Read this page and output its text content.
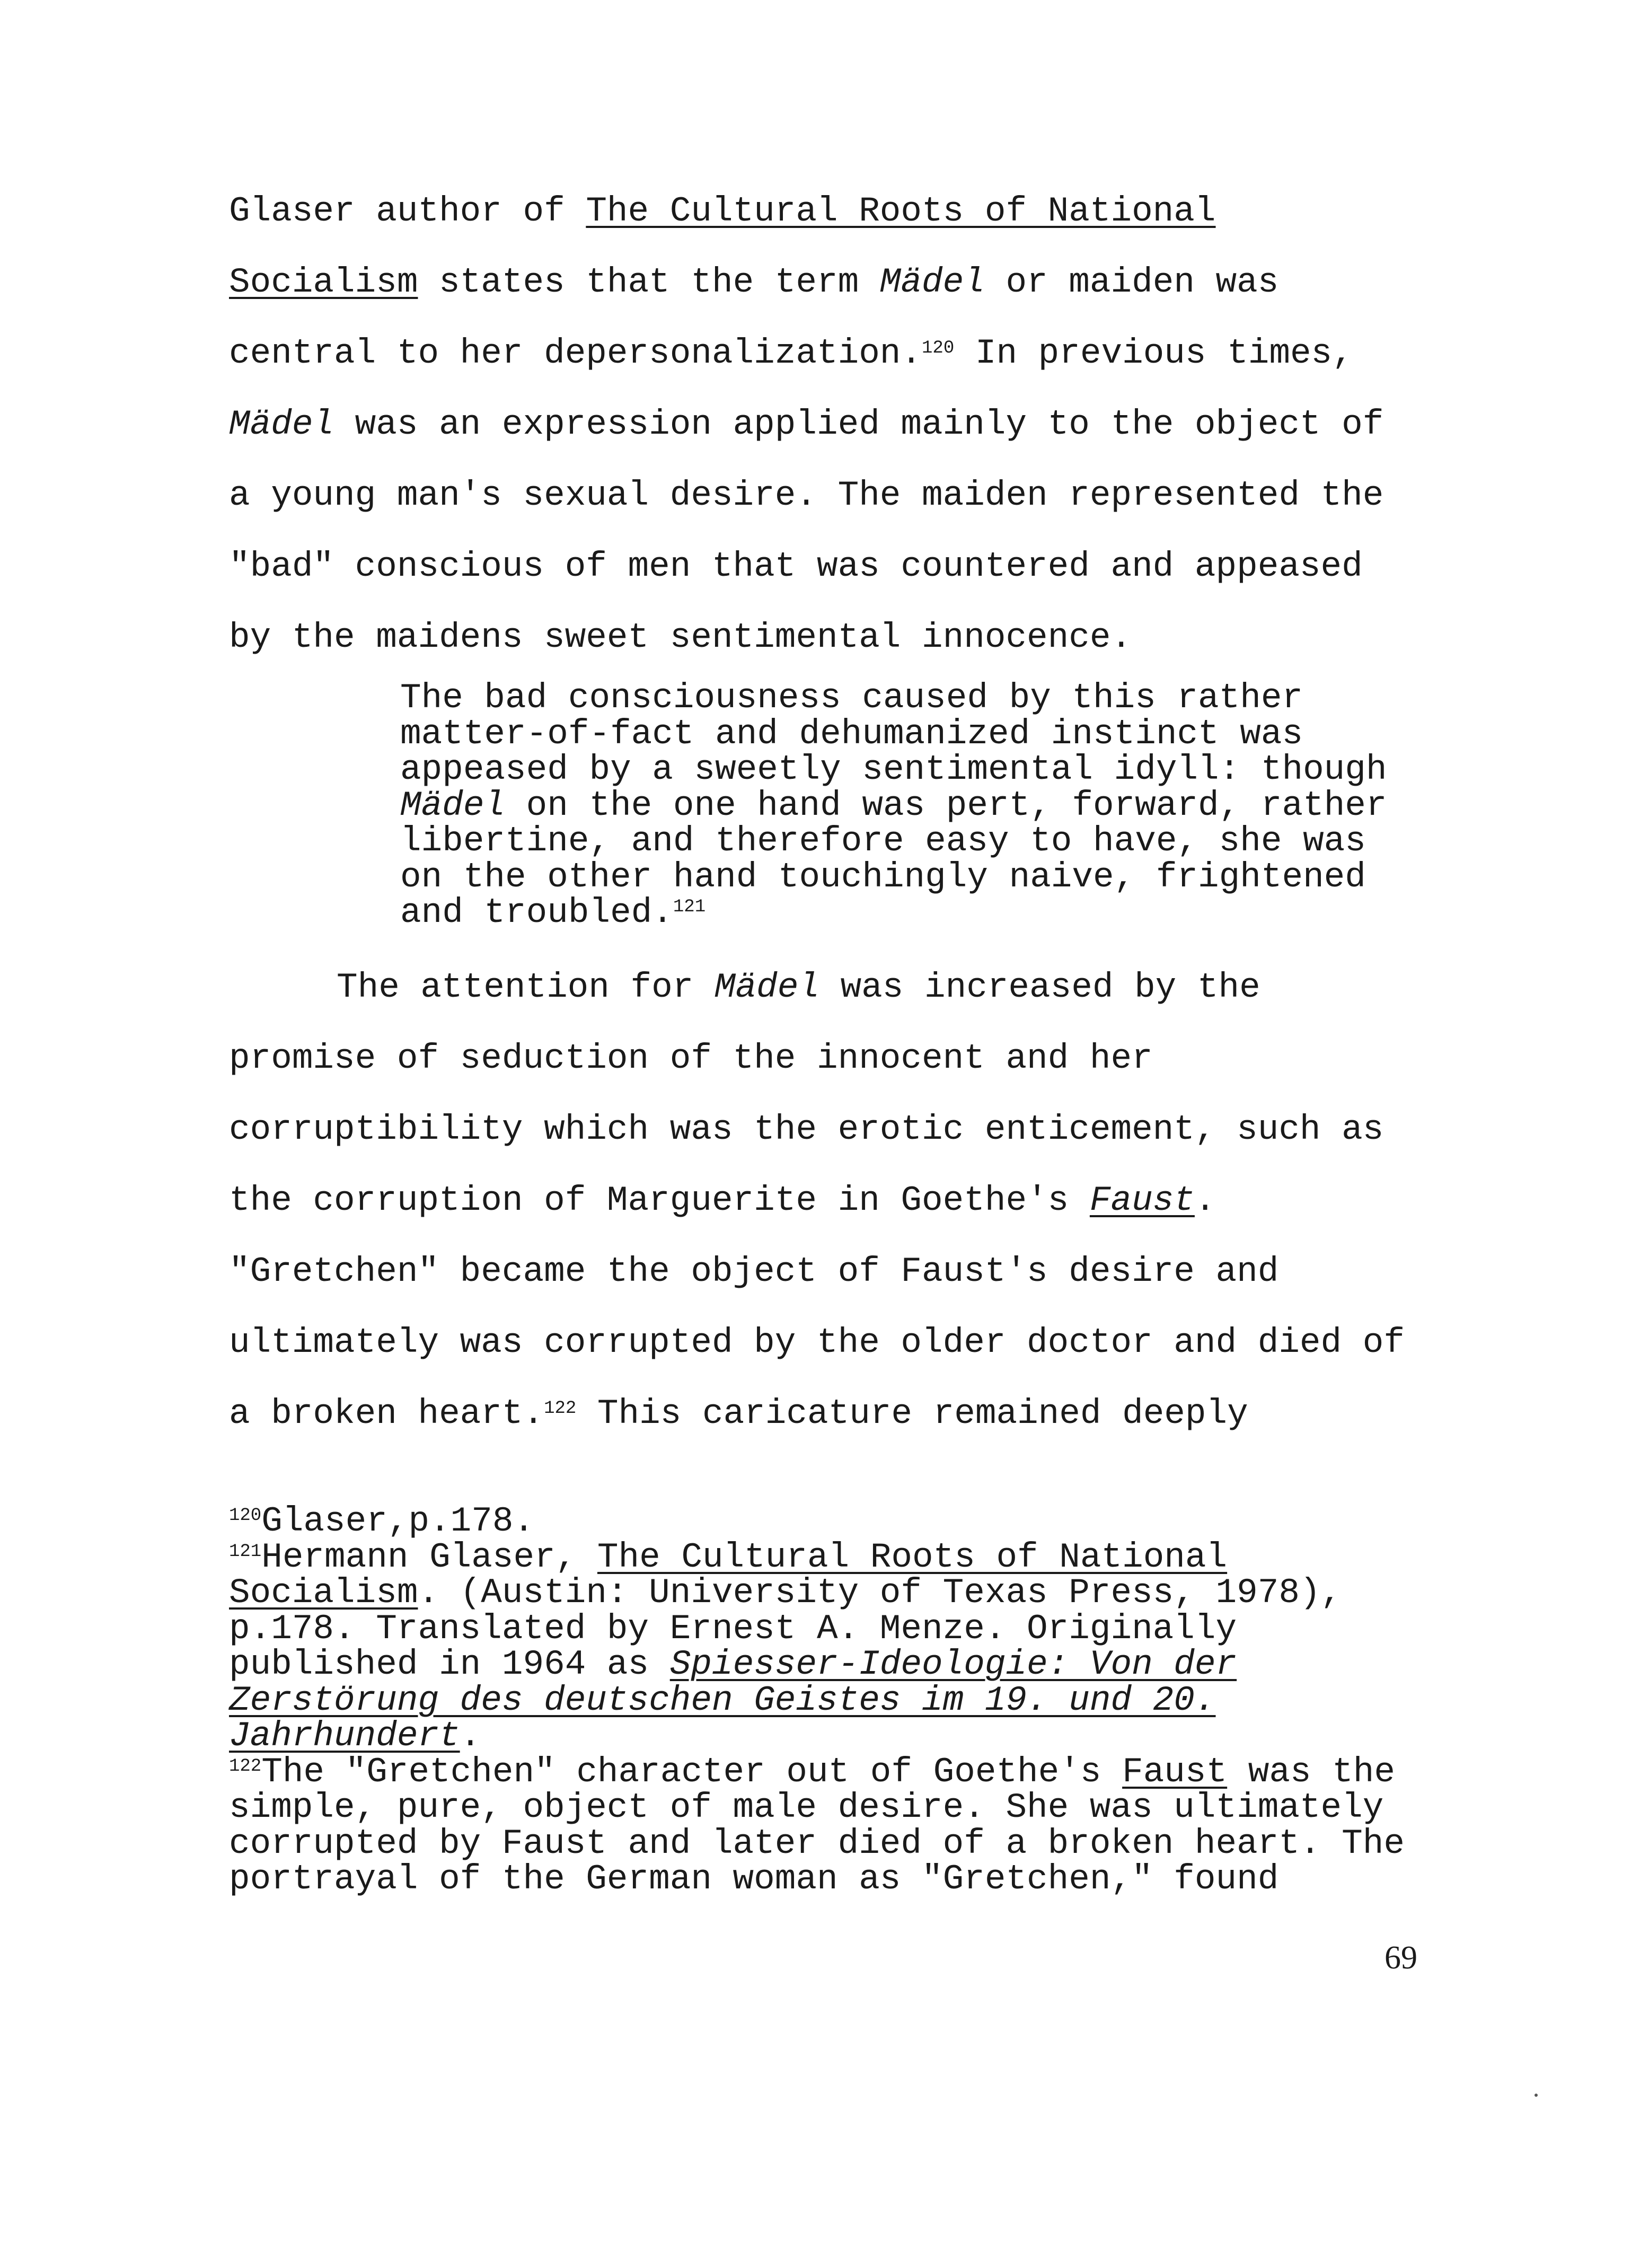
Glaser author of The Cultural Roots of National
Socialism states that the term Mädel or maiden was
central to her depersonalization.$^{120}$ In previous times,
Mädel was an expression applied mainly to the object of
a young man's sexual desire. The maiden represented the
"bad" conscious of men that was countered and appeased
by the maidens sweet sentimental innocence.
The bad consciousness caused by this rather
matter-of-fact and dehumanized instinct was
appeased by a sweetly sentimental idyll: though
Mädel on the one hand was pert, forward, rather
libertine, and therefore easy to have, she was
on the other hand touchingly naive, frightened
and troubled.$^{121}$
The attention for Mädel was increased by the
promise of seduction of the innocent and her
corruptibility which was the erotic enticement, such as
the corruption of Marguerite in Goethe's Faust.
"Gretchen" became the object of Faust's desire and
ultimately was corrupted by the older doctor and died of
a broken heart.$^{122}$ This caricature remained deeply
$^{120}$Glaser,p.178.
$^{121}$Hermann Glaser, The Cultural Roots of National
Socialism. (Austin: University of Texas Press, 1978),
p.178. Translated by Ernest A. Menze. Originally
published in 1964 as Spiesser-Ideologie: Von der
Zerstörung des deutschen Geistes im 19. und 20.
Jahrhundert.
$^{122}$The "Gretchen" character out of Goethe's Faust was the
simple, pure, object of male desire. She was ultimately
corrupted by Faust and later died of a broken heart. The
portrayal of the German woman as "Gretchen," found
69
